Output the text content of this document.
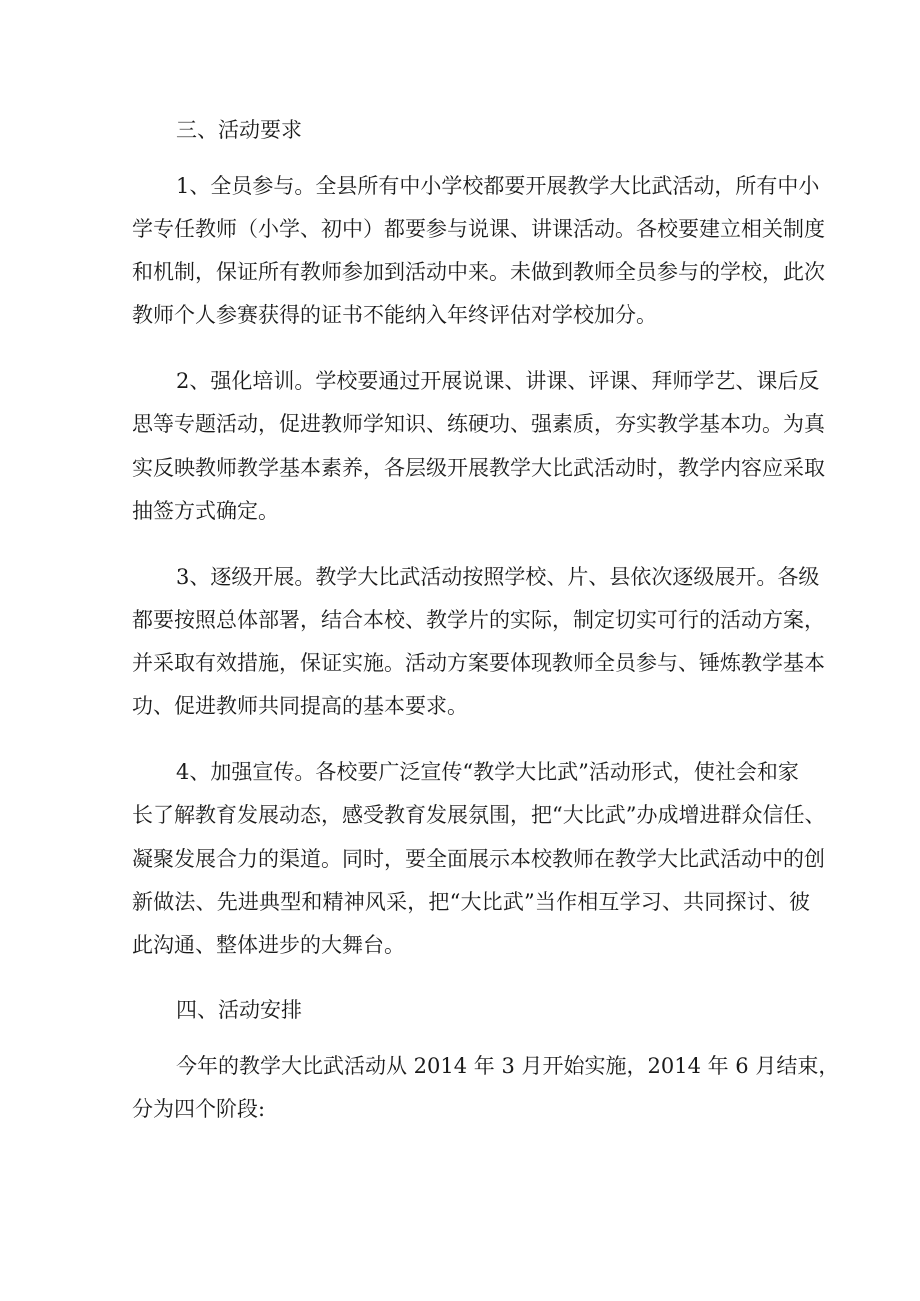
三、活动要求

1、全员参与。全县所有中小学校都要开展教学大比武活动，所有中小

学专任教师（小学、初中）都要参与说课、讲课活动。各校要建立相关制度

和机制，保证所有教师参加到活动中来。未做到教师全员参与的学校，此次

教师个人参赛获得的证书不能纳入年终评估对学校加分。

2、强化培训。学校要通过开展说课、讲课、评课、拜师学艺、课后反

思等专题活动，促进教师学知识、练硬功、强素质，夯实教学基本功。为真

实反映教师教学基本素养，各层级开展教学大比武活动时，教学内容应采取

抽签方式确定。

3、逐级开展。教学大比武活动按照学校、片、县依次逐级展开。各级

都要按照总体部署，结合本校、教学片的实际，制定切实可行的活动方案，

并采取有效措施，保证实施。活动方案要体现教师全员参与、锤炼教学基本

功、促进教师共同提高的基本要求。

4、加强宣传。各校要广泛宣传“教学大比武”活动形式，使社会和家

长了解教育发展动态，感受教育发展氛围，把“大比武”办成增进群众信任、

凝聚发展合力的渠道。同时，要全面展示本校教师在教学大比武活动中的创

新做法、先进典型和精神风采，把“大比武”当作相互学习、共同探讨、彼

此沟通、整体进步的大舞台。

四、活动安排

今年的教学大比武活动从 2014 年 3 月开始实施，2014 年 6 月结束，

分为四个阶段:
